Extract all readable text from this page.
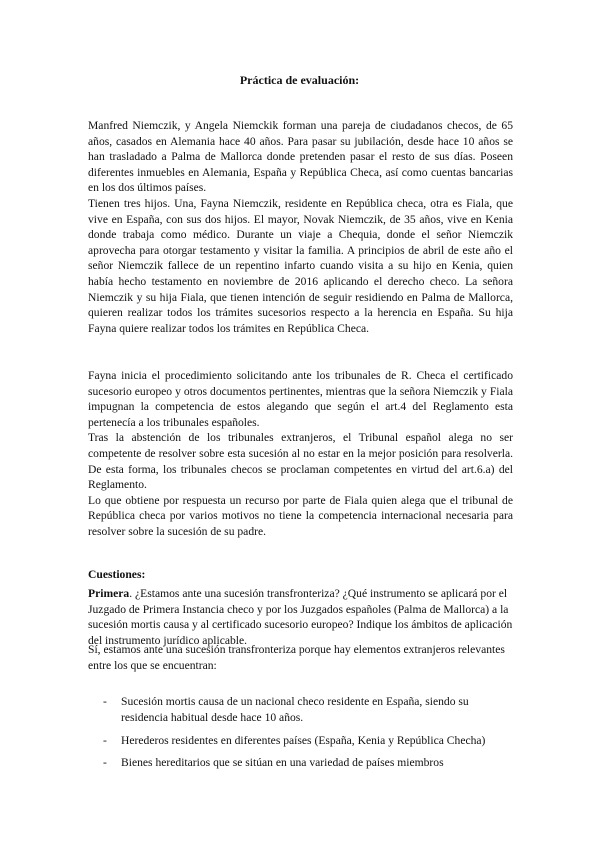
Práctica de evaluación:

Manfred Niemczik, y Angela Niemckik forman una pareja de ciudadanos checos, de 65 años, casados en Alemania hace 40 años. Para pasar su jubilación, desde hace 10 años se han trasladado a Palma de Mallorca donde pretenden pasar el resto de sus días. Poseen diferentes inmuebles en Alemania, España y República Checa, así como cuentas bancarias en los dos últimos países.

Tienen tres hijos. Una, Fayna Niemczik, residente en República checa, otra es Fiala, que vive en España, con sus dos hijos. El mayor, Novak Niemczik, de 35 años, vive en Kenia donde trabaja como médico. Durante un viaje a Chequia, donde el señor Niemczik aprovecha para otorgar testamento y visitar la familia. A principios de abril de este año el señor Niemczik fallece de un repentino infarto cuando visita a su hijo en Kenia, quien había hecho testamento en noviembre de 2016 aplicando el derecho checo. La señora Niemczik y su hija Fiala, que tienen intención de seguir residiendo en Palma de Mallorca, quieren realizar todos los trámites sucesorios respecto a la herencia en España. Su hija Fayna quiere realizar todos los trámites en República Checa.

Fayna inicia el procedimiento solicitando ante los tribunales de R. Checa el certificado sucesorio europeo y otros documentos pertinentes, mientras que la señora Niemczik y Fiala impugnan la competencia de estos alegando que según el art.4 del Reglamento esta pertenecía a los tribunales españoles.

Tras la abstención de los tribunales extranjeros, el Tribunal español alega no ser competente de resolver sobre esta sucesión al no estar en la mejor posición para resolverla. De esta forma, los tribunales checos se proclaman competentes en virtud del art.6.a) del Reglamento.

Lo que obtiene por respuesta un recurso por parte de Fiala quien alega que el tribunal de República checa por varios motivos no tiene la competencia internacional necesaria para resolver sobre la sucesión de su padre.

Cuestiones:

Primera. ¿Estamos ante una sucesión transfronteriza? ¿Qué instrumento se aplicará por el Juzgado de Primera Instancia checo y por los Juzgados españoles (Palma de Mallorca) a la sucesión mortis causa y al certificado sucesorio europeo? Indique los ámbitos de aplicación del instrumento jurídico aplicable.

Sí, estamos ante una sucesión transfronteriza porque hay elementos extranjeros relevantes entre los que se encuentran:

- Sucesión mortis causa de un nacional checo residente en España, siendo su residencia habitual desde hace 10 años.
- Herederos residentes en diferentes países (España, Kenia y República Checha)
- Bienes hereditarios que se sitúan en una variedad de países miembros
